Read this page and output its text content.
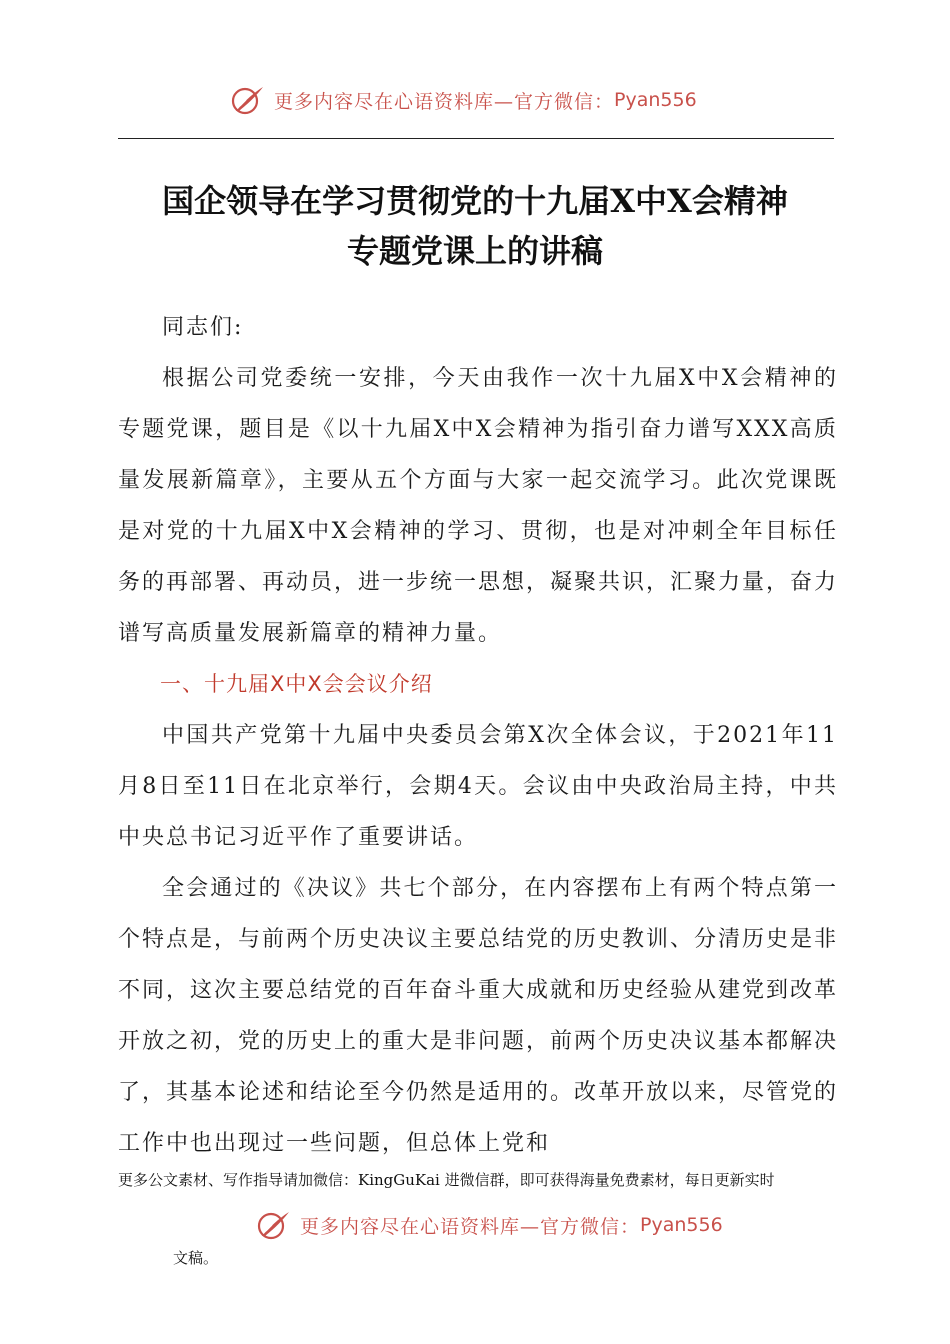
更多内容尽在心语资料库—官方微信： Pyan556
国企领导在学习贯彻党的十九届X中X会精神
专题党课上的讲稿

同志们:

根据公司党委统一安排，今天由我作一次十九届X中X会精神的专题党课，题目是《以十九届X中X会精神为指引奋力谱写XXX高质量发展新篇章》，主要从五个方面与大家一起交流学习。此次党课既是对党的十九届X中X会精神的学习、贯彻，也是对冲刺全年目标任务的再部署、再动员，进一步统一思想，凝聚共识，汇聚力量，奋力谱写高质量发展新篇章的精神力量。

一、十九届X中X会会议介绍

中国共产党第十九届中央委员会第X次全体会议，于2021年11月8日至11日在北京举行，会期4天。会议由中央政治局主持，中共中央总书记习近平作了重要讲话。

全会通过的《决议》共七个部分，在内容摆布上有两个特点第一个特点是，与前两个历史决议主要总结党的历史教训、分清历史是非不同，这次主要总结党的百年奋斗重大成就和历史经验从建党到改革开放之初，党的历史上的重大是非问题，前两个历史决议基本都解决了，其基本论述和结论至今仍然是适用的。改革开放以来，尽管党的工作中也出现过一些问题，但总体上党和

更多公文素材、写作指导请加微信：KingGuKai 进微信群，即可获得海量免费素材，每日更新实时
更多内容尽在心语资料库—官方微信： Pyan556
文稿。
